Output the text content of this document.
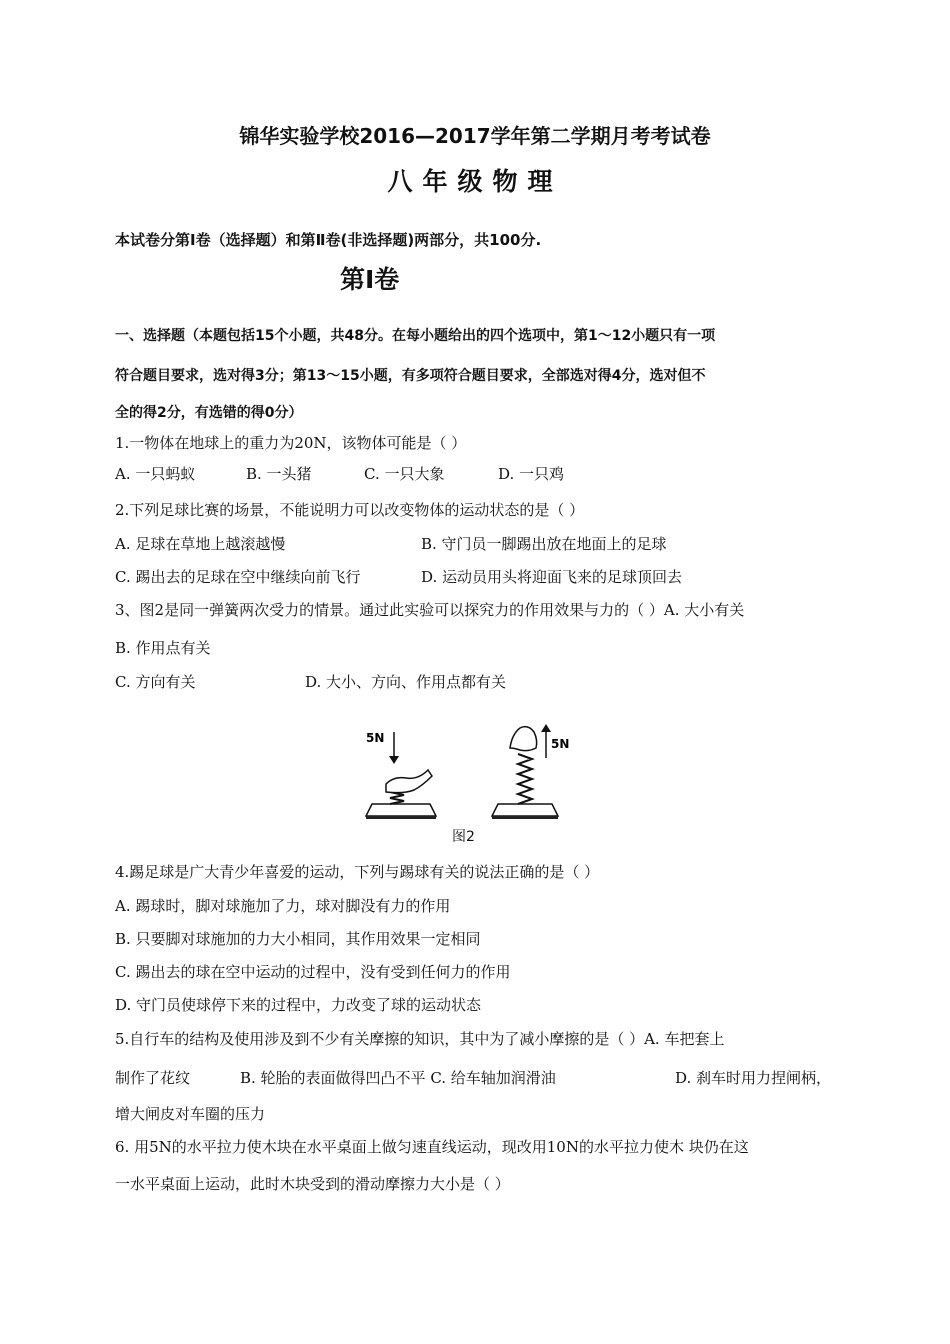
锦华实验学校2016—2017学年第二学期月考考试卷
八年级物理
本试卷分第Ⅰ卷（选择题）和第Ⅱ卷(非选择题)两部分，共100分.
第Ⅰ卷
一、选择题（本题包括15个小题，共48分。在每小题给出的四个选项中，第1～12小题只有一项
符合题目要求，选对得3分；第13～15小题，有多项符合题目要求，全部选对得4分，选对但不
全的得2分，有选错的得0分）
1.一物体在地球上的重力为20N，该物体可能是（ ）
A. 一只蚂蚁	B. 一头猪	C. 一只大象	D. 一只鸡
2.下列足球比赛的场景，不能说明力可以改变物体的运动状态的是（ ）
A. 足球在草地上越滚越慢	B. 守门员一脚踢出放在地面上的足球
C. 踢出去的足球在空中继续向前飞行	D. 运动员用头将迎面飞来的足球顶回去
3、图2是同一弹簧两次受力的情景。通过此实验可以探究力的作用效果与力的（ ）A. 大小有关
B. 作用点有关
C. 方向有关	D. 大小、方向、作用点都有关
5N	5N
图2
4.踢足球是广大青少年喜爱的运动，下列与踢球有关的说法正确的是（ ）
A. 踢球时，脚对球施加了力，球对脚没有力的作用
B. 只要脚对球施加的力大小相同，其作用效果一定相同
C. 踢出去的球在空中运动的过程中，没有受到任何力的作用
D. 守门员使球停下来的过程中，力改变了球的运动状态
5.自行车的结构及使用涉及到不少有关摩擦的知识，其中为了减小摩擦的是（ ）A. 车把套上
制作了花纹	B. 轮胎的表面做得凹凸不平 C. 给车轴加润滑油	D. 刹车时用力捏闸柄，
增大闸皮对车圈的压力
6. 用5N的水平拉力使木块在水平桌面上做匀速直线运动，现改用10N的水平拉力使木 块仍在这
一水平桌面上运动，此时木块受到的滑动摩擦力大小是（ ）
